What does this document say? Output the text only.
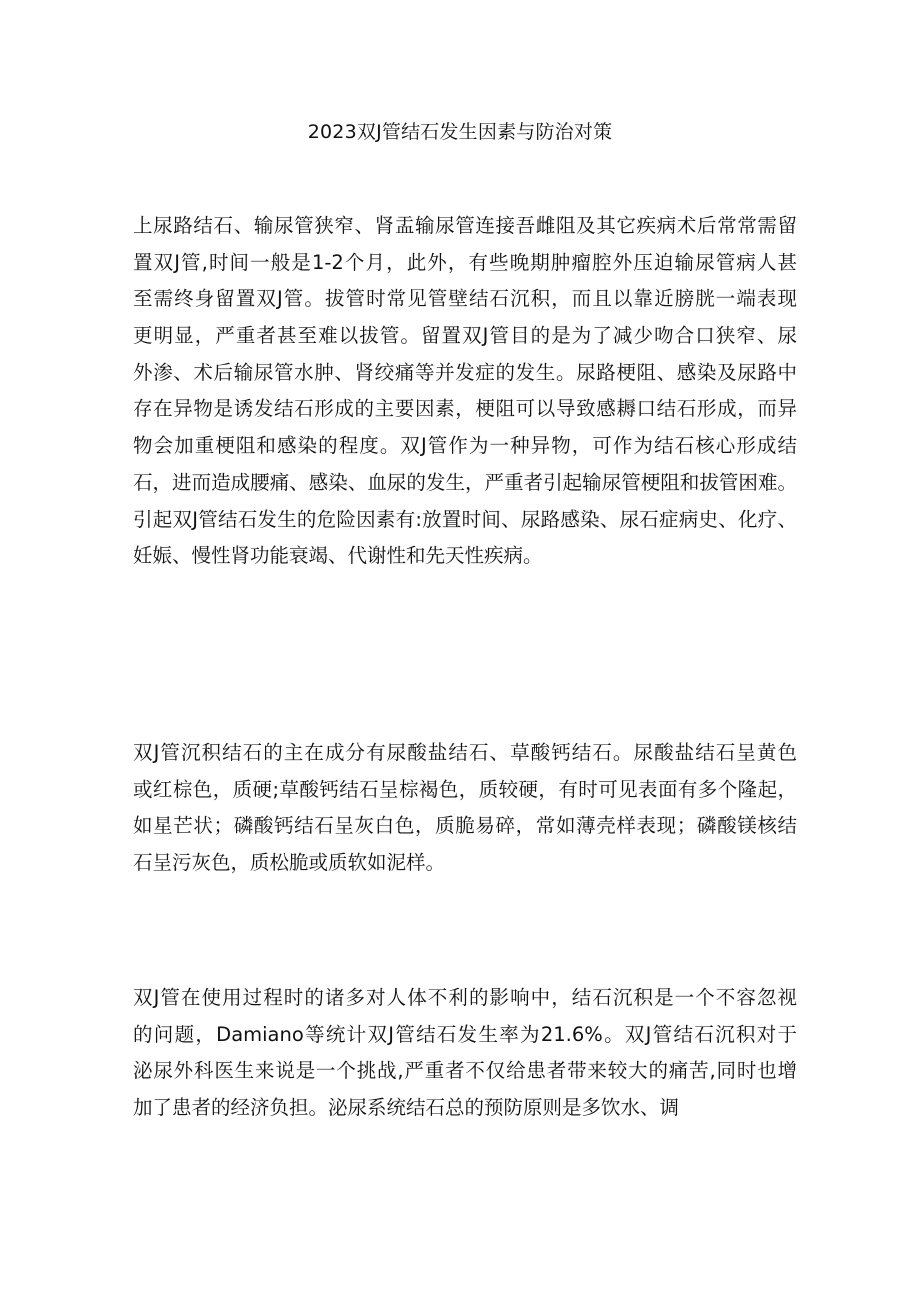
2023双J管结石发生因素与防治对策
上尿路结石、输尿管狭窄、肾盂输尿管连接吾雌阻及其它疾病术后常常需留
置双J管,时间一般是1-2个月，此外，有些晚期肿瘤腔外压迫输尿管病人甚
至需终身留置双J管。拔管时常见管壁结石沉积，而且以靠近膀胱一端表现
更明显，严重者甚至难以拔管。留置双J管目的是为了减少吻合口狭窄、尿
外渗、术后输尿管水肿、肾绞痛等并发症的发生。尿路梗阻、感染及尿路中
存在异物是诱发结石形成的主要因素，梗阻可以导致感耨口结石形成，而异
物会加重梗阻和感染的程度。双J管作为一种异物，可作为结石核心形成结
石，进而造成腰痛、感染、血尿的发生，严重者引起输尿管梗阻和拔管困难。
引起双J管结石发生的危险因素有:放置时间、尿路感染、尿石症病史、化疗、
妊娠、慢性肾功能衰竭、代谢性和先天性疾病。
双J管沉积结石的主在成分有尿酸盐结石、草酸钙结石。尿酸盐结石呈黄色
或红棕色，质硬;草酸钙结石呈棕褐色，质较硬，有时可见表面有多个隆起，
如星芒状；磷酸钙结石呈灰白色，质脆易碎，常如薄壳样表现；磷酸镁核结
石呈污灰色，质松脆或质软如泥样。
双J管在使用过程时的诸多对人体不利的影响中，结石沉积是一个不容忽视
的问题，Damiano等统计双J管结石发生率为21.6%。双J管结石沉积对于
泌尿外科医生来说是一个挑战,严重者不仅给患者带来较大的痛苦,同时也增
加了患者的经济负担。泌尿系统结石总的预防原则是多饮水、调
